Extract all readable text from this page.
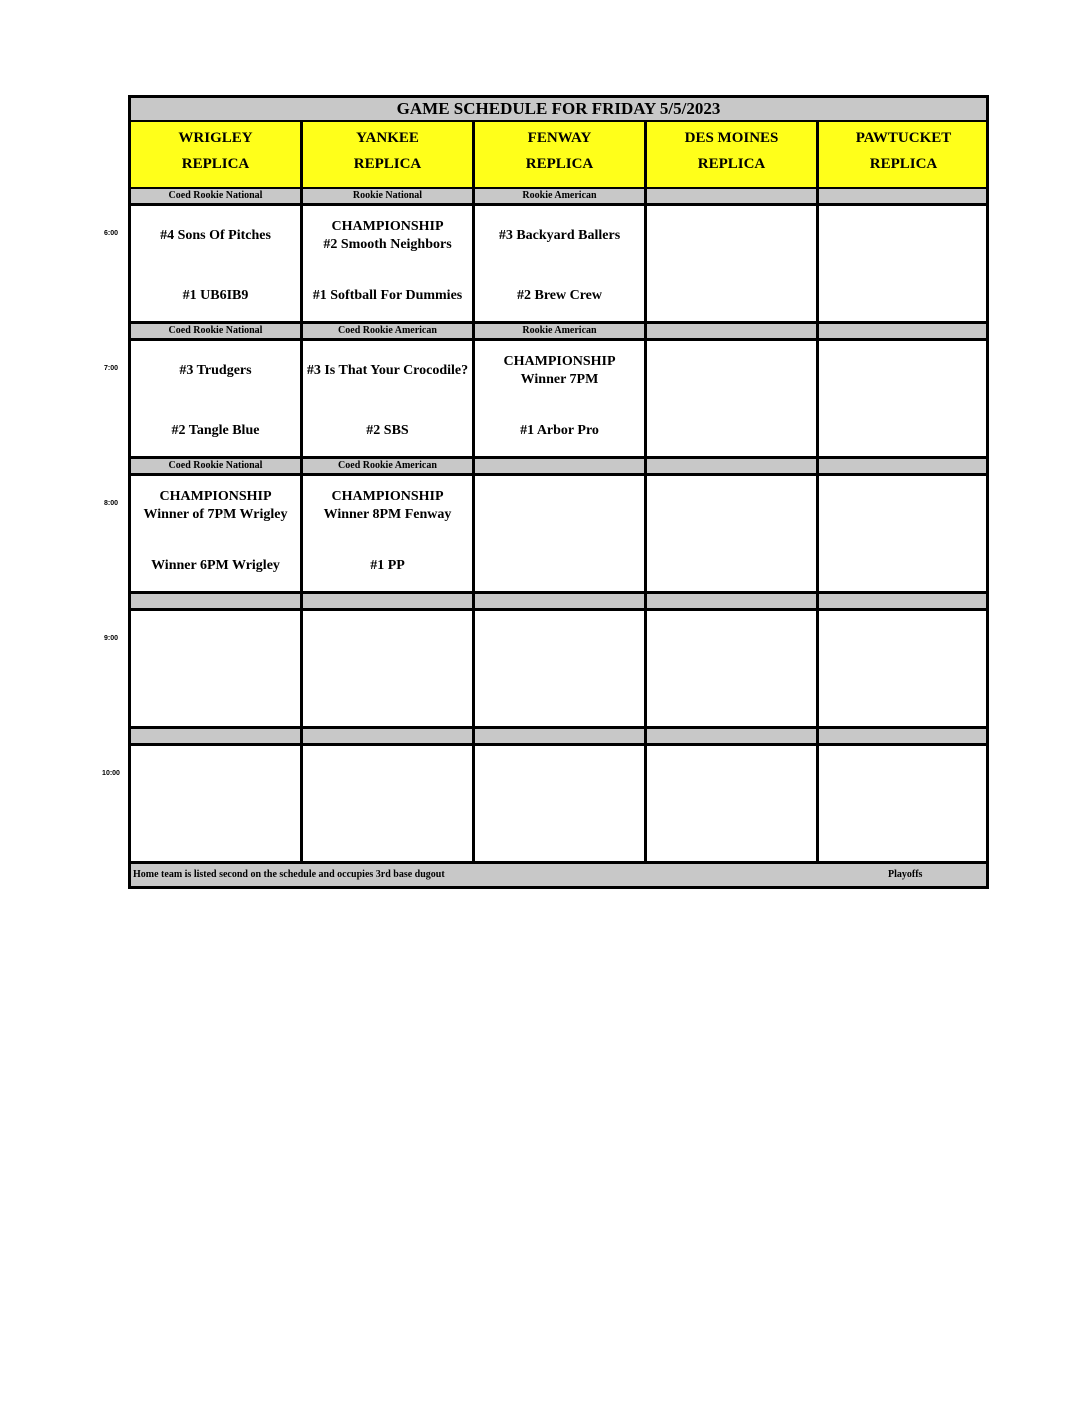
GAME SCHEDULE FOR FRIDAY 5/5/2023
WRIGLEY
REPLICA
YANKEE
REPLICA
FENWAY
REPLICA
DES MOINES
REPLICA
PAWTUCKET
REPLICA
6:00
Coed Rookie National
#4 Sons Of Pitches
#1 UB6IB9
Rookie National
CHAMPIONSHIP
#2 Smooth Neighbors
#1 Softball For Dummies
Rookie American
#3 Backyard Ballers
#2 Brew Crew
7:00
Coed Rookie National
#3 Trudgers
#2 Tangle Blue
Coed Rookie American
#3 Is That Your Crocodile?
#2 SBS
Rookie American
CHAMPIONSHIP
Winner 7PM
#1 Arbor Pro
8:00
Coed Rookie National
CHAMPIONSHIP
Winner of 7PM Wrigley
Winner 6PM Wrigley
Coed Rookie American
CHAMPIONSHIP
Winner 8PM Fenway
#1 PP
9:00
10:00
Home team is listed second on the schedule and occupies 3rd base dugout	Playoffs
